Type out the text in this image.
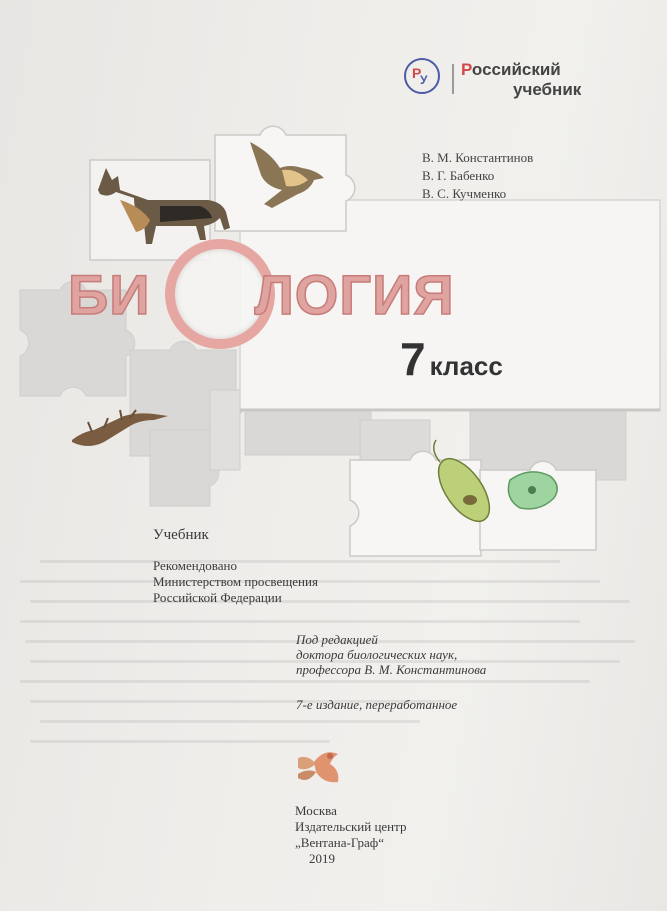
Р
У
Российский
учебник
В. М. Константинов
В. Г. Бабенко
В. С. Кучменко
БИ ЛОГИЯ
7 класс
Учебник
Рекомендовано
Министерством просвещения
Российской Федерации
Под редакцией
доктора биологических наук,
профессора В. М. Константинова
7-е издание, переработанное
Москва
Издательский центр
„Вентана-Граф“
2019
